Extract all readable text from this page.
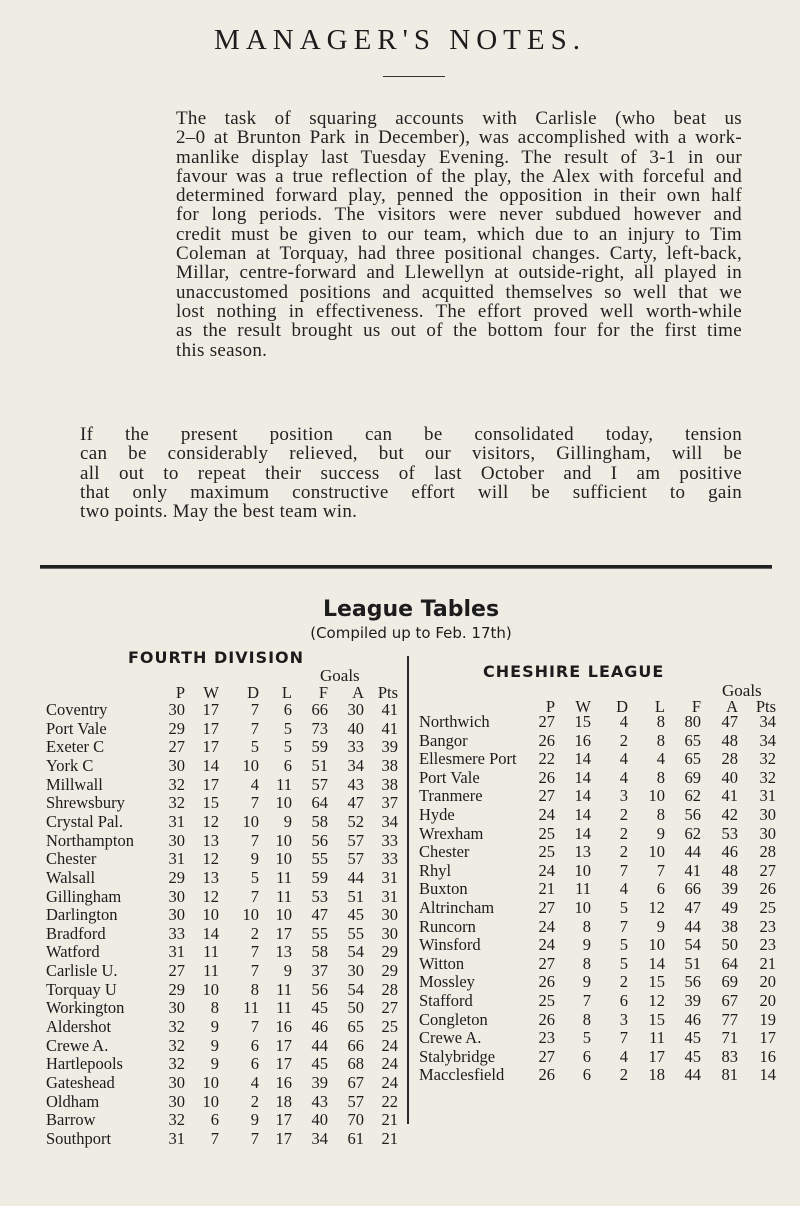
MANAGER'S NOTES.
The task of squaring accounts with Carlisle (who beat us
2–0 at Brunton Park in December), was accomplished with a work-
manlike display last Tuesday Evening. The result of 3-1 in our
favour was a true reflection of the play, the Alex with forceful and
determined forward play, penned the opposition in their own half
for long periods. The visitors were never subdued however and
credit must be given to our team, which due to an injury to Tim
Coleman at Torquay, had three positional changes. Carty, left-back,
Millar, centre-forward and Llewellyn at outside-right, all played in
unaccustomed positions and acquitted themselves so well that we
lost nothing in effectiveness. The effort proved well worth-while
as the result brought us out of the bottom four for the first time
this season.
If the present position can be consolidated today, tension
can be considerably relieved, but our visitors, Gillingham, will be
all out to repeat their success of last October and I am positive
that only maximum constructive effort will be sufficient to gain
two points. May the best team win.
League Tables
(Compiled up to Feb. 17th)
FOURTH DIVISION
Goals
P W D L F A Pts
Coventry	30 17 7 6 66 30 41
Port Vale	29 17 7 5 73 40 41
Exeter C	27 17 5 5 59 33 39
York C	30 14 10 6 51 34 38
Millwall	32 17 4 11 57 43 38
Shrewsbury	32 15 7 10 64 47 37
Crystal Pal.	31 12 10 9 58 52 34
Northampton 30 13 7 10 56 57 33
Chester	31 12 9 10 55 57 33
Walsall	29 13 5 11 59 44 31
Gillingham	30 12 7 11 53 51 31
Darlington	30 10 10 10 47 45 30
Bradford	33 14 2 17 55 55 30
Watford	31 11 7 13 58 54 29
Carlisle U.	27 11 7 9 37 30 29
Torquay U	29 10 8 11 56 54 28
Workington	30 8 11 11 45 50 27
Aldershot	32 9 7 16 46 65 25
Crewe A.	32 9 6 17 44 66 24
Hartlepools	32 9 6 17 45 68 24
Gateshead	30 10 4 16 39 67 24
Oldham	30 10 2 18 43 57 22
Barrow	32 6 9 17 40 70 21
Southport	31 7 7 17 34 61 21
CHESHIRE LEAGUE
Goals
P W D L F A Pts
Northwich	27 15 4 8 80 47 34
Bangor	26 16 2 8 65 48 34
Ellesmere Port 22 14 4 4 65 28 32
Port Vale	26 14 4 8 69 40 32
Tranmere	27 14 3 10 62 41 31
Hyde	24 14 2 8 56 42 30
Wrexham	25 14 2 9 62 53 30
Chester	25 13 2 10 44 46 28
Rhyl	24 10 7 7 41 48 27
Buxton	21 11 4 6 66 39 26
Altrincham	27 10 5 12 47 49 25
Runcorn	24 8 7 9 44 38 23
Winsford	24 9 5 10 54 50 23
Witton	27 8 5 14 51 64 21
Mossley	26 9 2 15 56 69 20
Stafford	25 7 6 12 39 67 20
Congleton	26 8 3 15 46 77 19
Crewe A.	23 5 7 11 45 71 17
Stalybridge	27 6 4 17 45 83 16
Macclesfield 26 6 2 18 44 81 14
